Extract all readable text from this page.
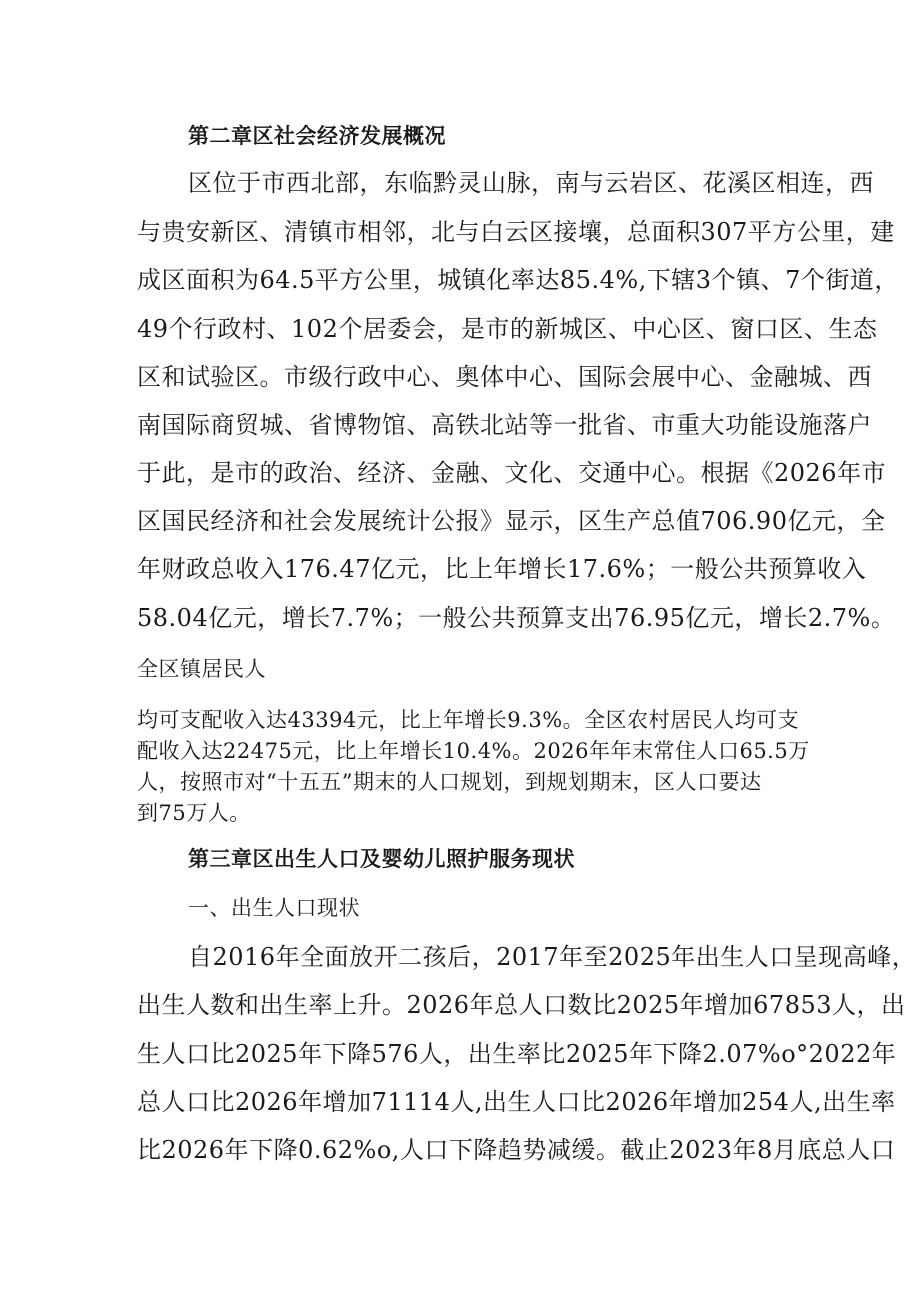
第二章区社会经济发展概况
区位于市西北部，东临黔灵山脉，南与云岩区、花溪区相连，西
与贵安新区、清镇市相邻，北与白云区接壤，总面积307平方公里，建
成区面积为64.5平方公里，城镇化率达85.4%,下辖3个镇、7个街道，
49个行政村、102个居委会，是市的新城区、中心区、窗口区、生态
区和试验区。市级行政中心、奥体中心、国际会展中心、金融城、西
南国际商贸城、省博物馆、高铁北站等一批省、市重大功能设施落户
于此，是市的政治、经济、金融、文化、交通中心。根据《2026年市
区国民经济和社会发展统计公报》显示，区生产总值706.90亿元，全
年财政总收入176.47亿元，比上年增长17.6%；一般公共预算收入
58.04亿元，增长7.7%；一般公共预算支出76.95亿元，增长2.7%。
全区镇居民人
均可支配收入达43394元，比上年增长9.3%。全区农村居民人均可支
配收入达22475元，比上年增长10.4%。2026年年末常住人口65.5万
人，按照市对“十五五”期末的人口规划，到规划期末，区人口要达
到75万人。
第三章区出生人口及婴幼儿照护服务现状
一、出生人口现状
自2016年全面放开二孩后，2017年至2025年出生人口呈现高峰，
出生人数和出生率上升。2026年总人口数比2025年增加67853人，出
生人口比2025年下降576人，出生率比2025年下降2.07%o°2022年
总人口比2026年增加71114人,出生人口比2026年增加254人,出生率
比2026年下降0.62%o,人口下降趋势减缓。截止2023年8月底总人口
